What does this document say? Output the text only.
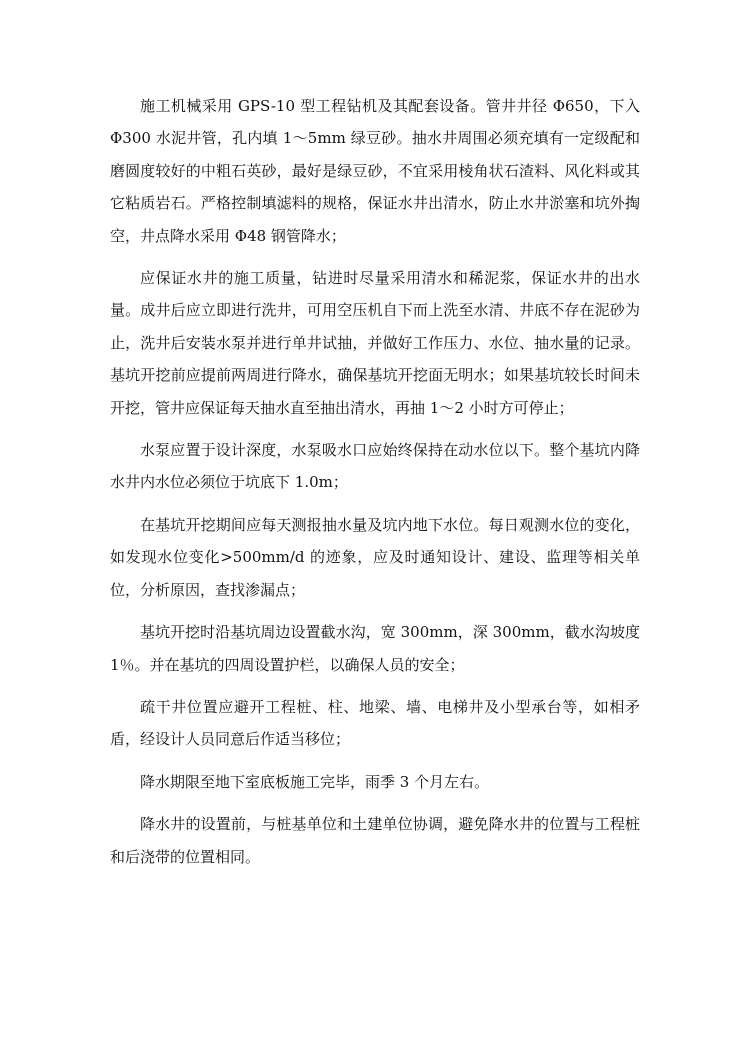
施工机械采用 GPS-10 型工程钻机及其配套设备。管井井径 Φ650，下入Φ300 水泥井管，孔内填 1～5mm 绿豆砂。抽水井周围必须充填有一定级配和磨圆度较好的中粗石英砂，最好是绿豆砂，不宜采用棱角状石渣料、风化料或其它粘质岩石。严格控制填滤料的规格，保证水井出清水，防止水井淤塞和坑外掏空，井点降水采用 Φ48 钢管降水；

应保证水井的施工质量，钻进时尽量采用清水和稀泥浆，保证水井的出水量。成井后应立即进行洗井，可用空压机自下而上洗至水清、井底不存在泥砂为止，洗井后安装水泵并进行单井试抽，并做好工作压力、水位、抽水量的记录。基坑开挖前应提前两周进行降水，确保基坑开挖面无明水；如果基坑较长时间未开挖，管井应保证每天抽水直至抽出清水，再抽 1～2 小时方可停止；

水泵应置于设计深度，水泵吸水口应始终保持在动水位以下。整个基坑内降水井内水位必须位于坑底下 1.0m；

在基坑开挖期间应每天测报抽水量及坑内地下水位。每日观测水位的变化，如发现水位变化>500mm/d 的迹象，应及时通知设计、建设、监理等相关单位，分析原因，查找渗漏点；

基坑开挖时沿基坑周边设置截水沟，宽 300mm，深 300mm，截水沟坡度 1％。并在基坑的四周设置护栏，以确保人员的安全；

疏干井位置应避开工程桩、柱、地梁、墙、电梯井及小型承台等，如相矛盾，经设计人员同意后作适当移位；

降水期限至地下室底板施工完毕，雨季 3 个月左右。

降水井的设置前，与桩基单位和土建单位协调，避免降水井的位置与工程桩和后浇带的位置相同。
